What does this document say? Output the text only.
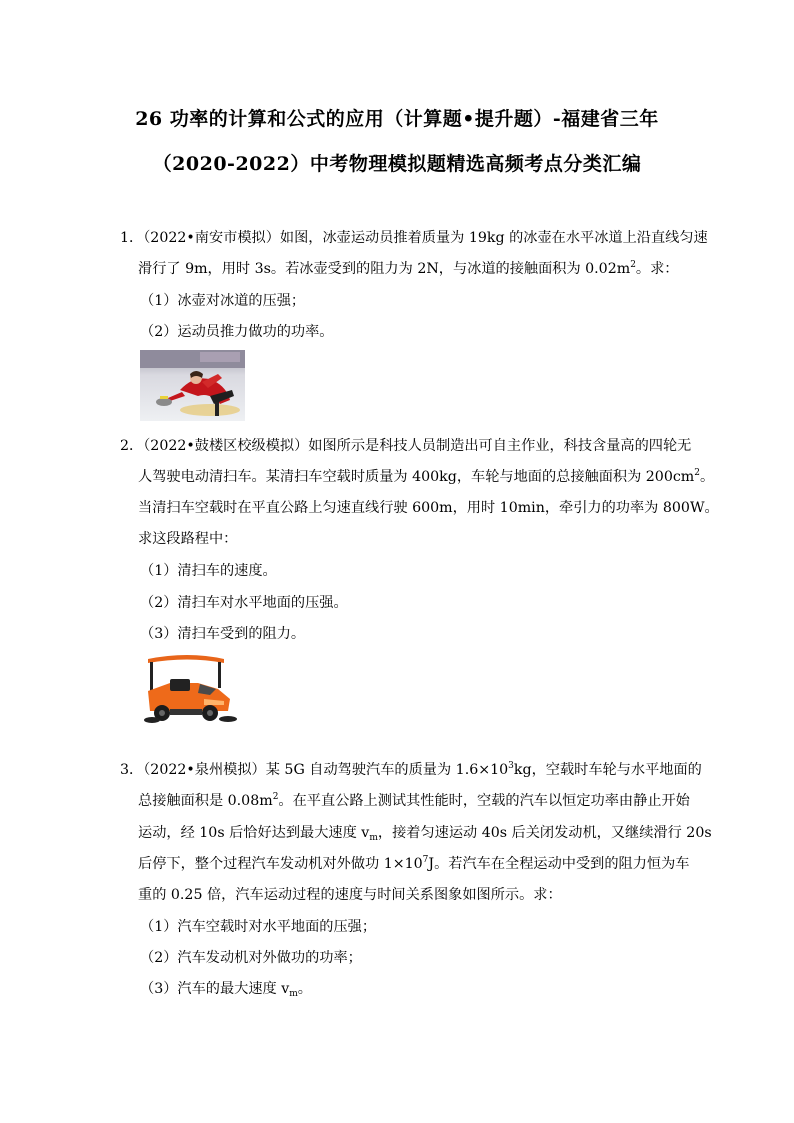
26 功率的计算和公式的应用（计算题•提升题）-福建省三年
（2020-2022）中考物理模拟题精选高频考点分类汇编
1．（2022•南安市模拟）如图，冰壶运动员推着质量为 19kg 的冰壶在水平冰道上沿直线匀速
滑行了 9m，用时 3s。若冰壶受到的阻力为 2N，与冰道的接触面积为 $0.02m^2$。求：
（1）冰壶对冰道的压强；
（2）运动员推力做功的功率。
2．（2022•鼓楼区校级模拟）如图所示是科技人员制造出可自主作业，科技含量高的四轮无
人驾驶电动清扫车。某清扫车空载时质量为 400kg，车轮与地面的总接触面积为 $200cm^2$。
当清扫车空载时在平直公路上匀速直线行驶 600m，用时 10min，牵引力的功率为 800W。
求这段路程中：
（1）清扫车的速度。
（2）清扫车对水平地面的压强。
（3）清扫车受到的阻力。
3．（2022•泉州模拟）某 5G 自动驾驶汽车的质量为 $1.6\times 10^3kg$，空载时车轮与水平地面的
总接触面积是 $0.08m^2$。在平直公路上测试其性能时，空载的汽车以恒定功率由静止开始
运动，经 10s 后恰好达到最大速度 $v_m$，接着匀速运动 40s 后关闭发动机，又继续滑行 20s
后停下，整个过程汽车发动机对外做功 $1\times 10^7J$。若汽车在全程运动中受到的阻力恒为车
重的 0.25 倍，汽车运动过程的速度与时间关系图象如图所示。求：
（1）汽车空载时对水平地面的压强；
（2）汽车发动机对外做功的功率；
（3）汽车的最大速度 $v_m$。
